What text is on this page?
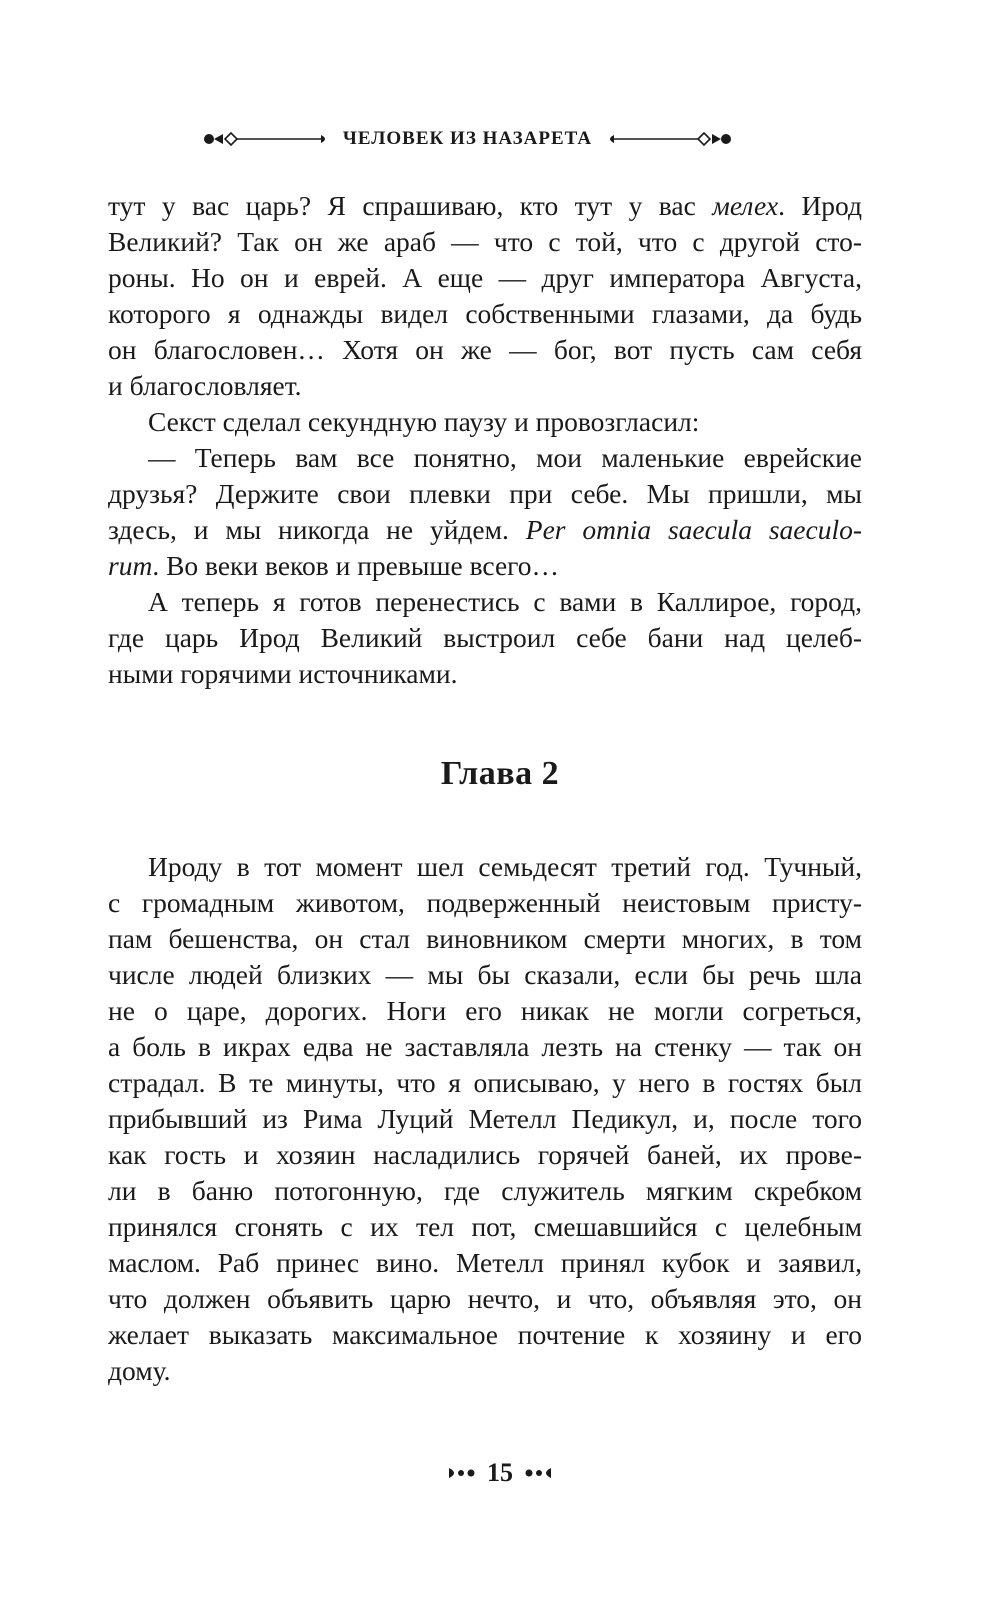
ЧЕЛОВЕК ИЗ НАЗАРЕТА
тут у вас царь? Я спрашиваю, кто тут у вас мелех. Ирод
Великий? Так он же араб — что с той, что с другой сто-
роны. Но он и еврей. А еще — друг императора Августа,
которого я однажды видел собственными глазами, да будь
он благословен… Хотя он же — бог, вот пусть сам себя
и благословляет.
Секст сделал секундную паузу и провозгласил:
— Теперь вам все понятно, мои маленькие еврейские
друзья? Держите свои плевки при себе. Мы пришли, мы
здесь, и мы никогда не уйдем. Per omnia saecula saeculo-
rum. Во веки веков и превыше всего…
А теперь я готов перенестись с вами в Каллирое, город,
где царь Ирод Великий выстроил себе бани над целеб-
ными горячими источниками.
Глава 2
Ироду в тот момент шел семьдесят третий год. Тучный,
с громадным животом, подверженный неистовым присту-
пам бешенства, он стал виновником смерти многих, в том
числе людей близких — мы бы сказали, если бы речь шла
не о царе, дорогих. Ноги его никак не могли согреться,
а боль в икрах едва не заставляла лезть на стенку — так он
страдал. В те минуты, что я описываю, у него в гостях был
прибывший из Рима Луций Метелл Педикул, и, после того
как гость и хозяин насладились горячей баней, их прове-
ли в баню потогонную, где служитель мягким скребком
принялся сгонять с их тел пот, смешавшийся с целебным
маслом. Раб принес вино. Метелл принял кубок и заявил,
что должен объявить царю нечто, и что, объявляя это, он
желает выказать максимальное почтение к хозяину и его
дому.
15
